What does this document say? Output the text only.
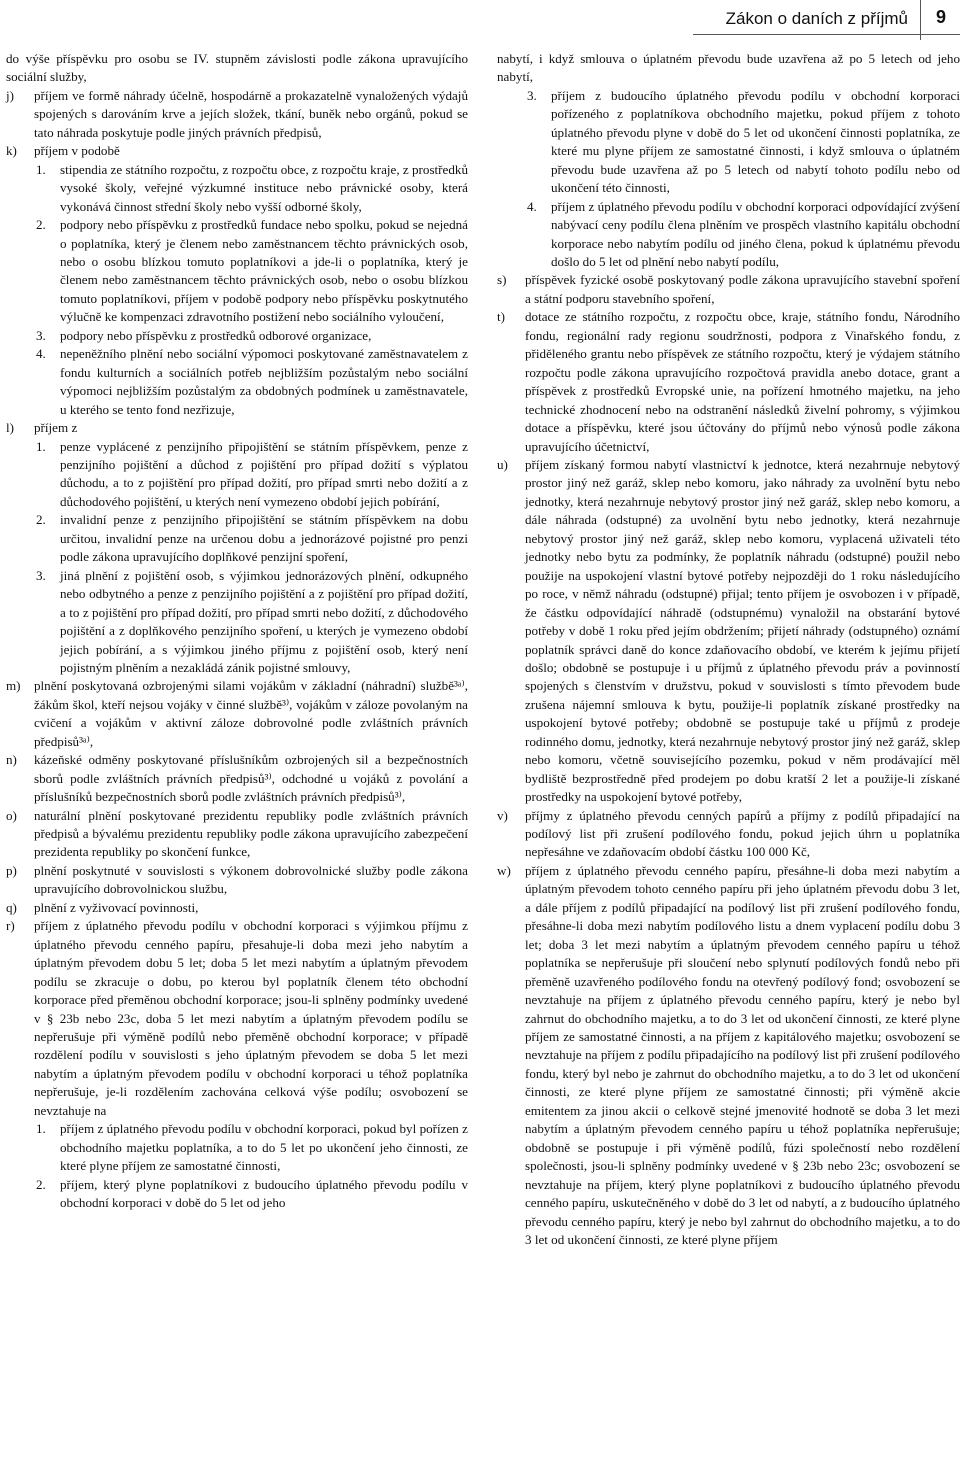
Zákon o daních z příjmů 9
do výše příspěvku pro osobu se IV. stupněm závislosti podle zákona upravujícího sociální služby,
j)	příjem ve formě náhrady účelně, hospodárně a prokazatelně vynaložených výdajů spojených s darováním krve a jejích složek, tkání, buněk nebo orgánů, pokud se tato náhrada poskytuje podle jiných právních předpisů,
k)	příjem v podobě
1.	stipendia ze státního rozpočtu, z rozpočtu obce, z rozpočtu kraje, z prostředků vysoké školy, veřejné výzkumné instituce nebo právnické osoby, která vykonává činnost střední školy nebo vyšší odborné školy,
2.	podpory nebo příspěvku z prostředků fundace nebo spolku, pokud se nejedná o poplatníka, který je členem nebo zaměstnancem těchto právnických osob, nebo o osobu blízkou tomuto poplatníkovi a jde-li o poplatníka, který je členem nebo zaměstnancem těchto právnických osob, nebo o osobu blízkou tomuto poplatníkovi, příjem v podobě podpory nebo příspěvku poskytnutého výlučně ke kompenzaci zdravotního postižení nebo sociálního vyloučení,
3.	podpory nebo příspěvku z prostředků odborové organizace,
4.	nepeněžního plnění nebo sociální výpomoci poskytované zaměstnavatelem z fondu kulturních a sociálních potřeb nejbližším pozůstalým nebo sociální výpomoci nejbližším pozůstalým za obdobných podmínek u zaměstnavatele, u kterého se tento fond nezřizuje,
l)	příjem z
1.	penze vyplácené z penzijního připojištění se státním příspěvkem, penze z penzijního pojištění a důchod z pojištění pro případ dožití s výplatou důchodu, a to z pojištění pro případ dožití, pro případ smrti nebo dožití a z důchodového pojištění, u kterých není vymezeno období jejich pobírání,
2.	invalidní penze z penzijního připojištění se státním příspěvkem na dobu určitou, invalidní penze na určenou dobu a jednorázové pojistné pro penzi podle zákona upravujícího doplňkové penzijní spoření,
3.	jiná plnění z pojištění osob, s výjimkou jednorázových plnění, odkupného nebo odbytného a penze z penzijního pojištění a z pojištění pro případ dožití, a to z pojištění pro případ dožití, pro případ smrti nebo dožití, z důchodového pojištění a z doplňkového penzijního spoření, u kterých je vymezeno období jejich pobírání, a s výjimkou jiného příjmu z pojištění osob, který není pojistným plněním a nezakládá zánik pojistné smlouvy,
m)	plnění poskytovaná ozbrojenými silami vojákům v základní (náhradní) službě³ᵃ⁾, žákům škol, kteří nejsou vojáky v činné službě³⁾, vojákům v záloze povolaným na cvičení a vojákům v aktivní záloze dobrovolné podle zvláštních právních předpisů³ᵃ⁾,
n)	kázeňské odměny poskytované příslušníkům ozbrojených sil a bezpečnostních sborů podle zvláštních právních předpisů³⁾, odchodné u vojáků z povolání a příslušníků bezpečnostních sborů podle zvláštních právních předpisů³⁾,
o)	naturální plnění poskytované prezidentu republiky podle zvláštních právních předpisů a bývalému prezidentu republiky podle zákona upravujícího zabezpečení prezidenta republiky po skončení funkce,
p)	plnění poskytnuté v souvislosti s výkonem dobrovolnické služby podle zákona upravujícího dobrovolnickou službu,
q)	plnění z vyživovací povinnosti,
r)	příjem z úplatného převodu podílu v obchodní korporaci s výjimkou příjmu z úplatného převodu cenného papíru, přesahuje-li doba mezi jeho nabytím a úplatným převodem dobu 5 let; doba 5 let mezi nabytím a úplatným převodem podílu se zkracuje o dobu, po kterou byl poplatník členem této obchodní korporace před přeměnou obchodní korporace; jsou-li splněny podmínky uvedené v § 23b nebo 23c, doba 5 let mezi nabytím a úplatným převodem podílu se nepřerušuje při výměně podílů nebo přeměně obchodní korporace; v případě rozdělení podílu v souvislosti s jeho úplatným převodem se doba 5 let mezi nabytím a úplatným převodem podílu v obchodní korporaci u téhož poplatníka nepřerušuje, je-li rozdělením zachována celková výše podílu; osvobození se nevztahuje na
1.	příjem z úplatného převodu podílu v obchodní korporaci, pokud byl pořízen z obchodního majetku poplatníka, a to do 5 let po ukončení jeho činnosti, ze které plyne příjem ze samostatné činnosti,
2.	příjem, který plyne poplatníkovi z budoucího úplatného převodu podílu v obchodní korporaci v době do 5 let od jeho
nabytí, i když smlouva o úplatném převodu bude uzavřena až po 5 letech od jeho nabytí,
3.	příjem z budoucího úplatného převodu podílu v obchodní korporaci pořízeného z poplatníkova obchodního majetku, pokud příjem z tohoto úplatného převodu plyne v době do 5 let od ukončení činnosti poplatníka, ze které mu plyne příjem ze samostatné činnosti, i když smlouva o úplatném převodu bude uzavřena až po 5 letech od nabytí tohoto podílu nebo od ukončení této činnosti,
4.	příjem z úplatného převodu podílu v obchodní korporaci odpovídající zvýšení nabývací ceny podílu člena plněním ve prospěch vlastního kapitálu obchodní korporace nebo nabytím podílu od jiného člena, pokud k úplatnému převodu došlo do 5 let od plnění nebo nabytí podílu,
s)	příspěvek fyzické osobě poskytovaný podle zákona upravujícího stavební spoření a státní podporu stavebního spoření,
t)	dotace ze státního rozpočtu, z rozpočtu obce, kraje, státního fondu, Národního fondu, regionální rady regionu soudržnosti, podpora z Vinařského fondu, z přiděleného grantu nebo příspěvek ze státního rozpočtu, který je výdajem státního rozpočtu podle zákona upravujícího rozpočtová pravidla anebo dotace, grant a příspěvek z prostředků Evropské unie, na pořízení hmotného majetku, na jeho technické zhodnocení nebo na odstranění následků živelní pohromy, s výjimkou dotace a příspěvku, které jsou účtovány do příjmů nebo výnosů podle zákona upravujícího účetnictví,
u)	příjem získaný formou nabytí vlastnictví k jednotce, která nezahrnuje nebytový prostor jiný než garáž, sklep nebo komoru, jako náhrady za uvolnění bytu nebo jednotky, která nezahrnuje nebytový prostor jiný než garáž, sklep nebo komoru, a dále náhrada (odstupné) za uvolnění bytu nebo jednotky, která nezahrnuje nebytový prostor jiný než garáž, sklep nebo komoru, vyplacená uživateli této jednotky nebo bytu za podmínky, že poplatník náhradu (odstupné) použil nebo použije na uspokojení vlastní bytové potřeby nejpozději do 1 roku následujícího po roce, v němž náhradu (odstupné) přijal; tento příjem je osvobozen i v případě, že částku odpovídající náhradě (odstupnému) vynaložil na obstarání bytové potřeby v době 1 roku před jejím obdržením; přijetí náhrady (odstupného) oznámí poplatník správci daně do konce zdaňovacího období, ve kterém k jejímu přijetí došlo; obdobně se postupuje i u příjmů z úplatného převodu práv a povinností spojených s členstvím v družstvu, pokud v souvislosti s tímto převodem bude zrušena nájemní smlouva k bytu, použije-li poplatník získané prostředky na uspokojení bytové potřeby; obdobně se postupuje také u příjmů z prodeje rodinného domu, jednotky, která nezahrnuje nebytový prostor jiný než garáž, sklep nebo komoru, včetně souvisejícího pozemku, pokud v něm prodávající měl bydliště bezprostředně před prodejem po dobu kratší 2 let a použije-li získané prostředky na uspokojení bytové potřeby,
v)	příjmy z úplatného převodu cenných papírů a příjmy z podílů připadající na podílový list při zrušení podílového fondu, pokud jejich úhrn u poplatníka nepřesáhne ve zdaňovacím období částku 100 000 Kč,
w)	příjem z úplatného převodu cenného papíru, přesáhne-li doba mezi nabytím a úplatným převodem tohoto cenného papíru při jeho úplatném převodu dobu 3 let, a dále příjem z podílů připadající na podílový list při zrušení podílového fondu, přesáhne-li doba mezi nabytím podílového listu a dnem vyplacení podílu dobu 3 let; doba 3 let mezi nabytím a úplatným převodem cenného papíru u téhož poplatníka se nepřerušuje při sloučení nebo splynutí podílových fondů nebo při přeměně uzavřeného podílového fondu na otevřený podílový fond; osvobození se nevztahuje na příjem z úplatného převodu cenného papíru, který je nebo byl zahrnut do obchodního majetku, a to do 3 let od ukončení činnosti, ze které plyne příjem ze samostatné činnosti, a na příjem z kapitálového majetku; osvobození se nevztahuje na příjem z podílu připadajícího na podílový list při zrušení podílového fondu, který byl nebo je zahrnut do obchodního majetku, a to do 3 let od ukončení činnosti, ze které plyne příjem ze samostatné činnosti; při výměně akcie emitentem za jinou akcii o celkově stejné jmenovité hodnotě se doba 3 let mezi nabytím a úplatným převodem cenného papíru u téhož poplatníka nepřerušuje; obdobně se postupuje i při výměně podílů, fúzi společností nebo rozdělení společnosti, jsou-li splněny podmínky uvedené v § 23b nebo 23c; osvobození se nevztahuje na příjem, který plyne poplatníkovi z budoucího úplatného převodu cenného papíru, uskutečněného v době do 3 let od nabytí, a z budoucího úplatného převodu cenného papíru, který je nebo byl zahrnut do obchodního majetku, a to do 3 let od ukončení činnosti, ze které plyne příjem
